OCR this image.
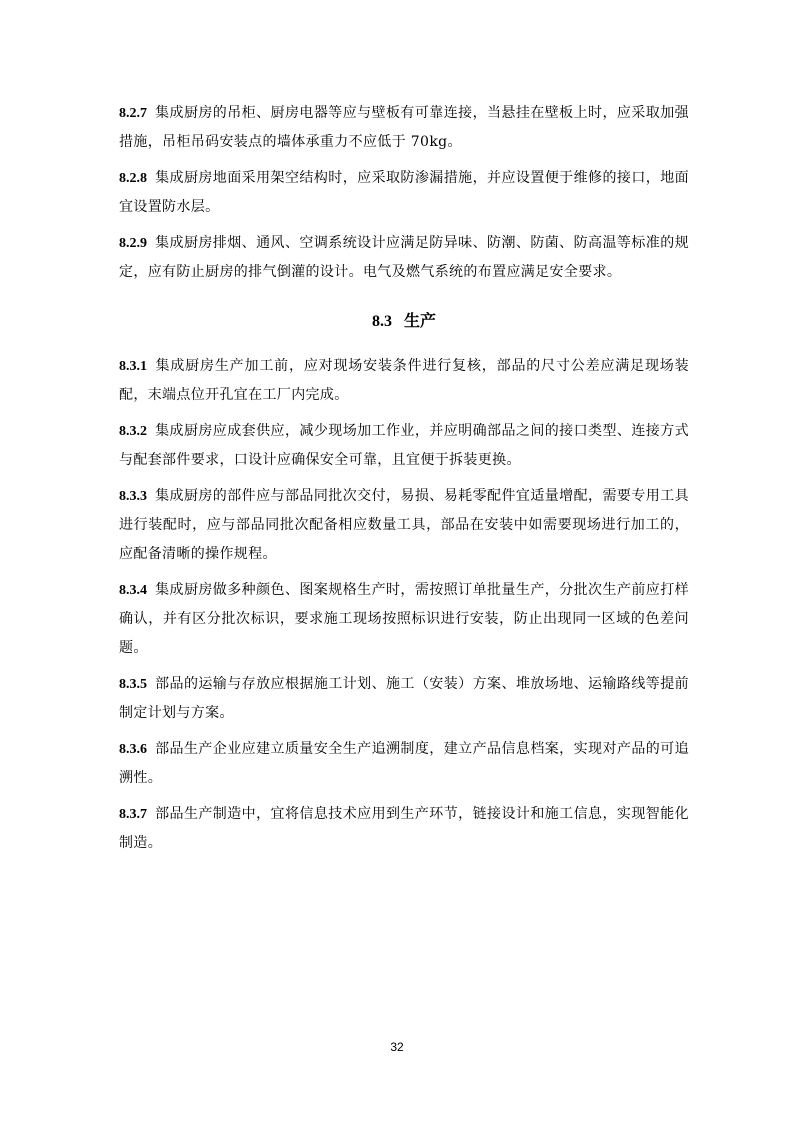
8.2.7 集成厨房的吊柜、厨房电器等应与壁板有可靠连接，当悬挂在壁板上时，应采取加强措施，吊柜吊码安装点的墙体承重力不应低于 70kg。

8.2.8 集成厨房地面采用架空结构时，应采取防渗漏措施，并应设置便于维修的接口，地面宜设置防水层。

8.2.9 集成厨房排烟、通风、空调系统设计应满足防异味、防潮、防菌、防高温等标准的规定，应有防止厨房的排气倒灌的设计。电气及燃气系统的布置应满足安全要求。

8.3 生产

8.3.1 集成厨房生产加工前，应对现场安装条件进行复核，部品的尺寸公差应满足现场装配，末端点位开孔宜在工厂内完成。

8.3.2 集成厨房应成套供应，减少现场加工作业，并应明确部品之间的接口类型、连接方式与配套部件要求，口设计应确保安全可靠，且宜便于拆装更换。

8.3.3 集成厨房的部件应与部品同批次交付，易损、易耗零配件宜适量增配，需要专用工具进行装配时，应与部品同批次配备相应数量工具，部品在安装中如需要现场进行加工的，应配备清晰的操作规程。

8.3.4 集成厨房做多种颜色、图案规格生产时，需按照订单批量生产，分批次生产前应打样确认，并有区分批次标识，要求施工现场按照标识进行安装，防止出现同一区域的色差问题。

8.3.5 部品的运输与存放应根据施工计划、施工（安装）方案、堆放场地、运输路线等提前制定计划与方案。

8.3.6 部品生产企业应建立质量安全生产追溯制度，建立产品信息档案，实现对产品的可追溯性。

8.3.7 部品生产制造中，宜将信息技术应用到生产环节，链接设计和施工信息，实现智能化制造。

32
